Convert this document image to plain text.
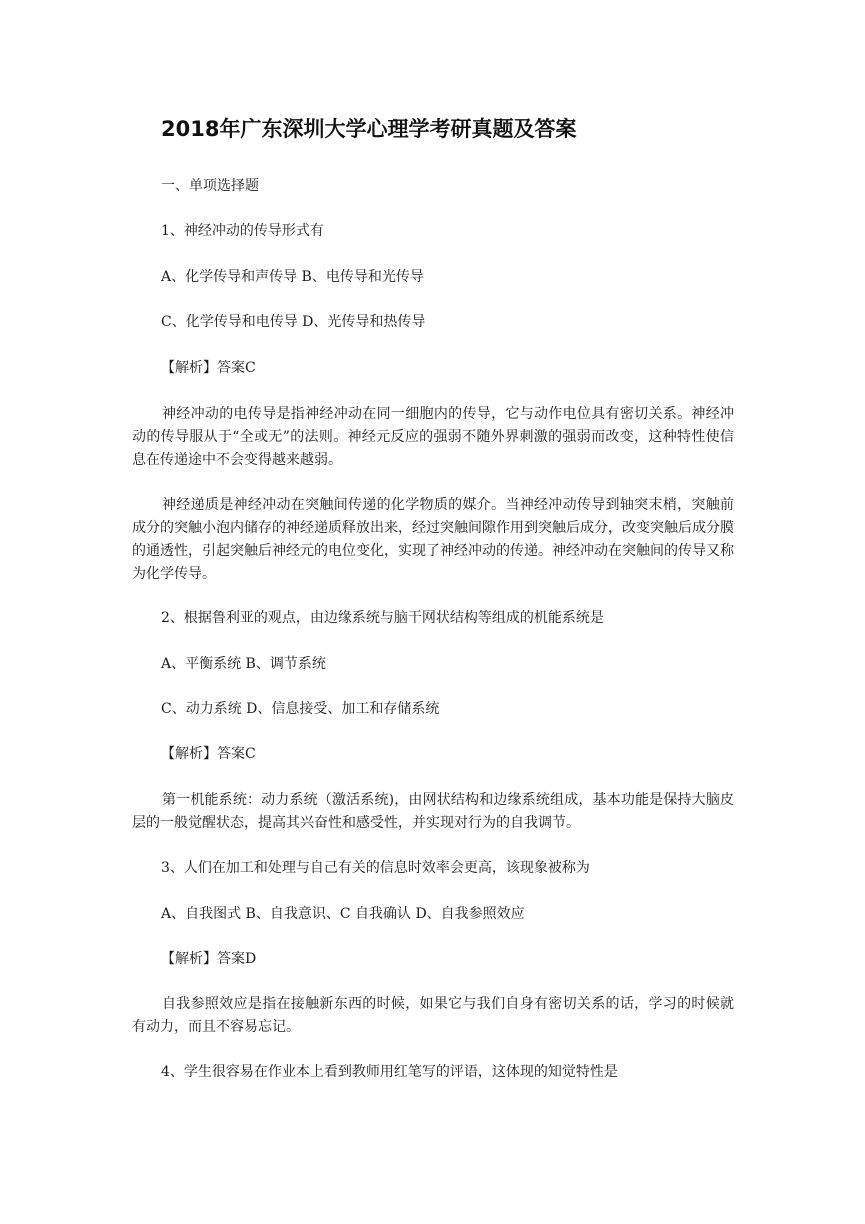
2018年广东深圳大学心理学考研真题及答案

一、单项选择题

1、神经冲动的传导形式有

A、化学传导和声传导 B、电传导和光传导

C、化学传导和电传导 D、光传导和热传导

【解析】答案C

神经冲动的电传导是指神经冲动在同一细胞内的传导，它与动作电位具有密切关系。神经冲动的传导服从于“全或无”的法则。神经元反应的强弱不随外界刺激的强弱而改变，这种特性使信息在传递途中不会变得越来越弱。

神经递质是神经冲动在突触间传递的化学物质的媒介。当神经冲动传导到轴突末梢，突触前成分的突触小泡内储存的神经递质释放出来，经过突触间隙作用到突触后成分，改变突触后成分膜的通透性，引起突触后神经元的电位变化，实现了神经冲动的传递。神经冲动在突触间的传导又称为化学传导。

2、根据鲁利亚的观点，由边缘系统与脑干网状结构等组成的机能系统是

A、平衡系统 B、调节系统

C、动力系统 D、信息接受、加工和存储系统

【解析】答案C

第一机能系统：动力系统（激活系统)，由网状结构和边缘系统组成，基本功能是保持大脑皮层的一般觉醒状态，提高其兴奋性和感受性，并实现对行为的自我调节。

3、人们在加工和处理与自己有关的信息时效率会更高，该现象被称为

A、自我图式 B、自我意识、C 自我确认 D、自我参照效应

【解析】答案D

自我参照效应是指在接触新东西的时候，如果它与我们自身有密切关系的话，学习的时候就有动力，而且不容易忘记。

4、学生很容易在作业本上看到教师用红笔写的评语，这体现的知觉特性是
